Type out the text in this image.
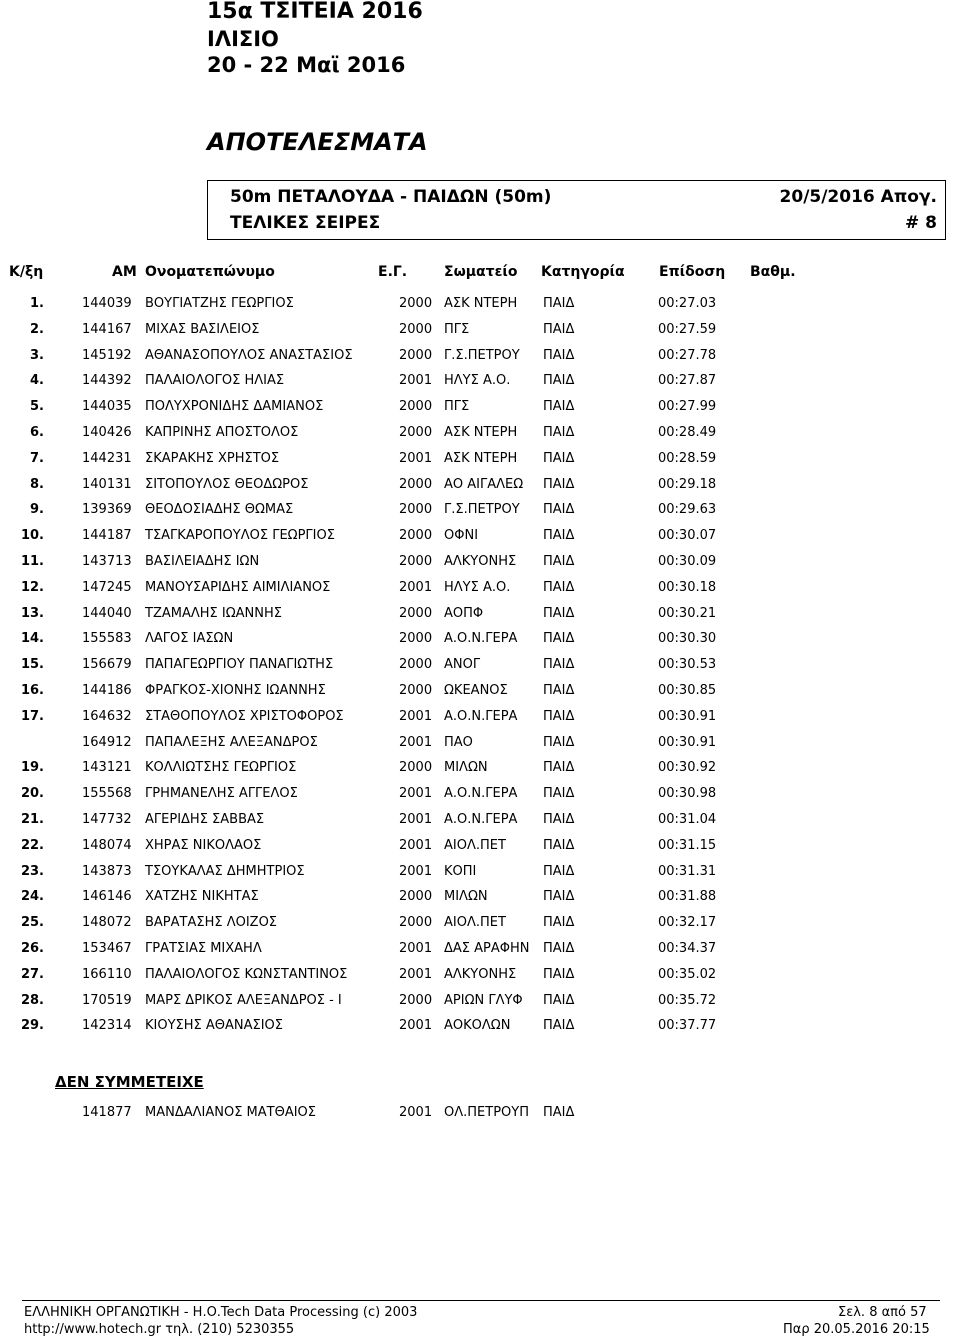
15α ΤΣΙΤΕΙΑ 2016
ΙΛΙΣΙΟ
20 - 22 Μαϊ 2016
ΑΠΟΤΕΛΕΣΜΑΤΑ
50m ΠΕΤΑΛΟΥΔΑ - ΠΑΙΔΩΝ (50m)
ΤΕΛΙΚΕΣ ΣΕΙΡΕΣ
20/5/2016 Απογ.
# 8
Κ/ξη	ΑΜ Ονοματεπώνυμο	Ε.Γ.	Σωματείο Κατηγορία Επίδοση Βαθμ.
1.	144039 ΒΟΥΓΙΑΤΖΗΣ ΓΕΩΡΓΙΟΣ	2000 ΑΣΚ ΝΤΕΡΗ ΠΑΙΔ	00:27.03
2.	144167 ΜΙΧΑΣ ΒΑΣΙΛΕΙΟΣ	2000 ΠΓΣ	ΠΑΙΔ	00:27.59
3.	145192 ΑΘΑΝΑΣΟΠΟΥΛΟΣ ΑΝΑΣΤΑΣΙΟΣ	2000 Γ.Σ.ΠΕΤΡΟΥ ΠΑΙΔ	00:27.78
4.	144392 ΠΑΛΑΙΟΛΟΓΟΣ ΗΛΙΑΣ	2001 ΗΛΥΣ Α.Ο.	ΠΑΙΔ	00:27.87
5.	144035 ΠΟΛΥΧΡΟΝΙΔΗΣ ΔΑΜΙΑΝΟΣ	2000 ΠΓΣ	ΠΑΙΔ	00:27.99
6.	140426 ΚΑΠΡΙΝΗΣ ΑΠΟΣΤΟΛΟΣ	2000 ΑΣΚ ΝΤΕΡΗ ΠΑΙΔ	00:28.49
7.	144231 ΣΚΑΡΑΚΗΣ ΧΡΗΣΤΟΣ	2001 ΑΣΚ ΝΤΕΡΗ ΠΑΙΔ	00:28.59
8.	140131 ΣΙΤΟΠΟΥΛΟΣ ΘΕΟΔΩΡΟΣ	2000 ΑΟ ΑΙΓΑΛΕΩ ΠΑΙΔ	00:29.18
9.	139369 ΘΕΟΔΟΣΙΑΔΗΣ ΘΩΜΑΣ	2000 Γ.Σ.ΠΕΤΡΟΥ ΠΑΙΔ	00:29.63
10.	144187 ΤΣΑΓΚΑΡΟΠΟΥΛΟΣ ΓΕΩΡΓΙΟΣ	2000 ΟΦΝΙ	ΠΑΙΔ	00:30.07
11.	143713 ΒΑΣΙΛΕΙΑΔΗΣ ΙΩΝ	2000 ΑΛΚΥΟΝΗΣ ΠΑΙΔ	00:30.09
12.	147245 ΜΑΝΟΥΣΑΡΙΔΗΣ ΑΙΜΙΛΙΑΝΟΣ	2001 ΗΛΥΣ Α.Ο.	ΠΑΙΔ	00:30.18
13.	144040 ΤΖΑΜΑΛΗΣ ΙΩΑΝΝΗΣ	2000 ΑΟΠΦ	ΠΑΙΔ	00:30.21
14.	155583 ΛΑΓΟΣ ΙΑΣΩΝ	2000 Α.Ο.Ν.ΓΕΡΑ ΠΑΙΔ	00:30.30
15.	156679 ΠΑΠΑΓΕΩΡΓΙΟΥ ΠΑΝΑΓΙΩΤΗΣ	2000 ΑΝΟΓ	ΠΑΙΔ	00:30.53
16.	144186 ΦΡΑΓΚΟΣ-ΧΙΟΝΗΣ ΙΩΑΝΝΗΣ	2000 ΩΚΕΑΝΟΣ	ΠΑΙΔ	00:30.85
17.	164632 ΣΤΑΘΟΠΟΥΛΟΣ ΧΡΙΣΤΟΦΟΡΟΣ	2001 Α.Ο.Ν.ΓΕΡΑ ΠΑΙΔ	00:30.91
164912 ΠΑΠΑΛΕΞΗΣ ΑΛΕΞΑΝΔΡΟΣ	2001 ΠΑΟ	ΠΑΙΔ	00:30.91
19.	143121 ΚΟΛΛΙΩΤΣΗΣ ΓΕΩΡΓΙΟΣ	2000 ΜΙΛΩΝ	ΠΑΙΔ	00:30.92
20.	155568 ΓΡΗΜΑΝΕΛΗΣ ΑΓΓΕΛΟΣ	2001 Α.Ο.Ν.ΓΕΡΑ ΠΑΙΔ	00:30.98
21.	147732 ΑΓΕΡΙΔΗΣ ΣΑΒΒΑΣ	2001 Α.Ο.Ν.ΓΕΡΑ ΠΑΙΔ	00:31.04
22.	148074 ΧΗΡΑΣ ΝΙΚΟΛΑΟΣ	2001 ΑΙΟΛ.ΠΕΤ	ΠΑΙΔ	00:31.15
23.	143873 ΤΣΟΥΚΑΛΑΣ ΔΗΜΗΤΡΙΟΣ	2001 ΚΟΠΙ	ΠΑΙΔ	00:31.31
24.	146146 ΧΑΤΖΗΣ ΝΙΚΗΤΑΣ	2000 ΜΙΛΩΝ	ΠΑΙΔ	00:31.88
25.	148072 ΒΑΡΑΤΑΣΗΣ ΛΟΙΖΟΣ	2000 ΑΙΟΛ.ΠΕΤ	ΠΑΙΔ	00:32.17
26.	153467 ΓΡΑΤΣΙΑΣ ΜΙΧΑΗΛ	2001 ΔΑΣ ΑΡΑΦΗΝ ΠΑΙΔ	00:34.37
27.	166110 ΠΑΛΑΙΟΛΟΓΟΣ ΚΩΝΣΤΑΝΤΙΝΟΣ	2001 ΑΛΚΥΟΝΗΣ ΠΑΙΔ	00:35.02
28.	170519 ΜΑΡΣ ΔΡΙΚΟΣ ΑΛΕΞΑΝΔΡΟΣ - Ι	2000 ΑΡΙΩΝ ΓΛΥΦ ΠΑΙΔ	00:35.72
29.	142314 ΚΙΟΥΣΗΣ ΑΘΑΝΑΣΙΟΣ	2001 ΑΟΚΟΛΩΝ	ΠΑΙΔ	00:37.77
ΔΕΝ ΣΥΜΜΕΤΕΙΧΕ
141877 ΜΑΝΔΑΛΙΑΝΟΣ ΜΑΤΘΑΙΟΣ	2001 ΟΛ.ΠΕΤΡΟΥΠ ΠΑΙΔ
ΕΛΛΗΝΙΚΗ ΟΡΓΑΝΩΤΙΚΗ - Η.Ο.Tech Data Processing (c) 2003
http://www.hotech.gr τηλ. (210) 5230355
Σελ. 8 από 57
Παρ 20.05.2016 20:15
